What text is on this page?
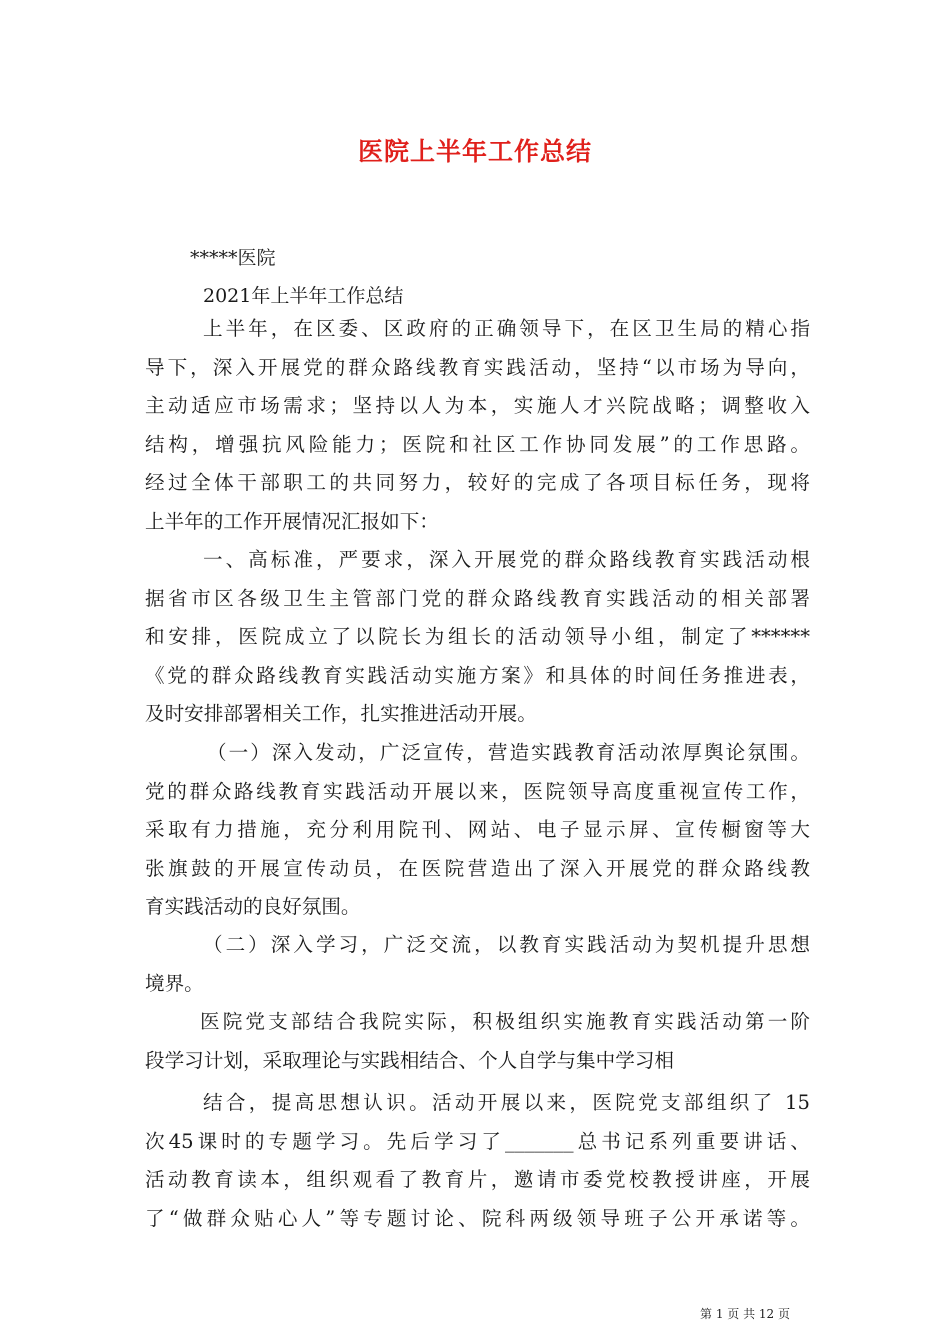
医院上半年工作总结
*****医院
2021年上半年工作总结
上半年，在区委、区政府的正确领导下，在区卫生局的精心指
导下，深入开展党的群众路线教育实践活动，坚持“以市场为导向，
主动适应市场需求；坚持以人为本，实施人才兴院战略；调整收入
结构，增强抗风险能力；医院和社区工作协同发展”的工作思路。
经过全体干部职工的共同努力，较好的完成了各项目标任务，现将
上半年的工作开展情况汇报如下：
一、高标准，严要求，深入开展党的群众路线教育实践活动根
据省市区各级卫生主管部门党的群众路线教育实践活动的相关部署
和安排，医院成立了以院长为组长的活动领导小组，制定了******
《党的群众路线教育实践活动实施方案》和具体的时间任务推进表，
及时安排部署相关工作，扎实推进活动开展。
（一）深入发动，广泛宣传，营造实践教育活动浓厚舆论氛围。
党的群众路线教育实践活动开展以来，医院领导高度重视宣传工作，
采取有力措施，充分利用院刊、网站、电子显示屏、宣传橱窗等大
张旗鼓的开展宣传动员，在医院营造出了深入开展党的群众路线教
育实践活动的良好氛围。
（二）深入学习，广泛交流，以教育实践活动为契机提升思想
境界。
医院党支部结合我院实际，积极组织实施教育实践活动第一阶
段学习计划，采取理论与实践相结合、个人自学与集中学习相
结合，提高思想认识。活动开展以来，医院党支部组织了 15
次45课时的专题学习。先后学习了_______总书记系列重要讲话、
活动教育读本，组织观看了教育片，邀请市委党校教授讲座，开展
了“做群众贴心人”等专题讨论、院科两级领导班子公开承诺等。
第 1 页 共 12 页
